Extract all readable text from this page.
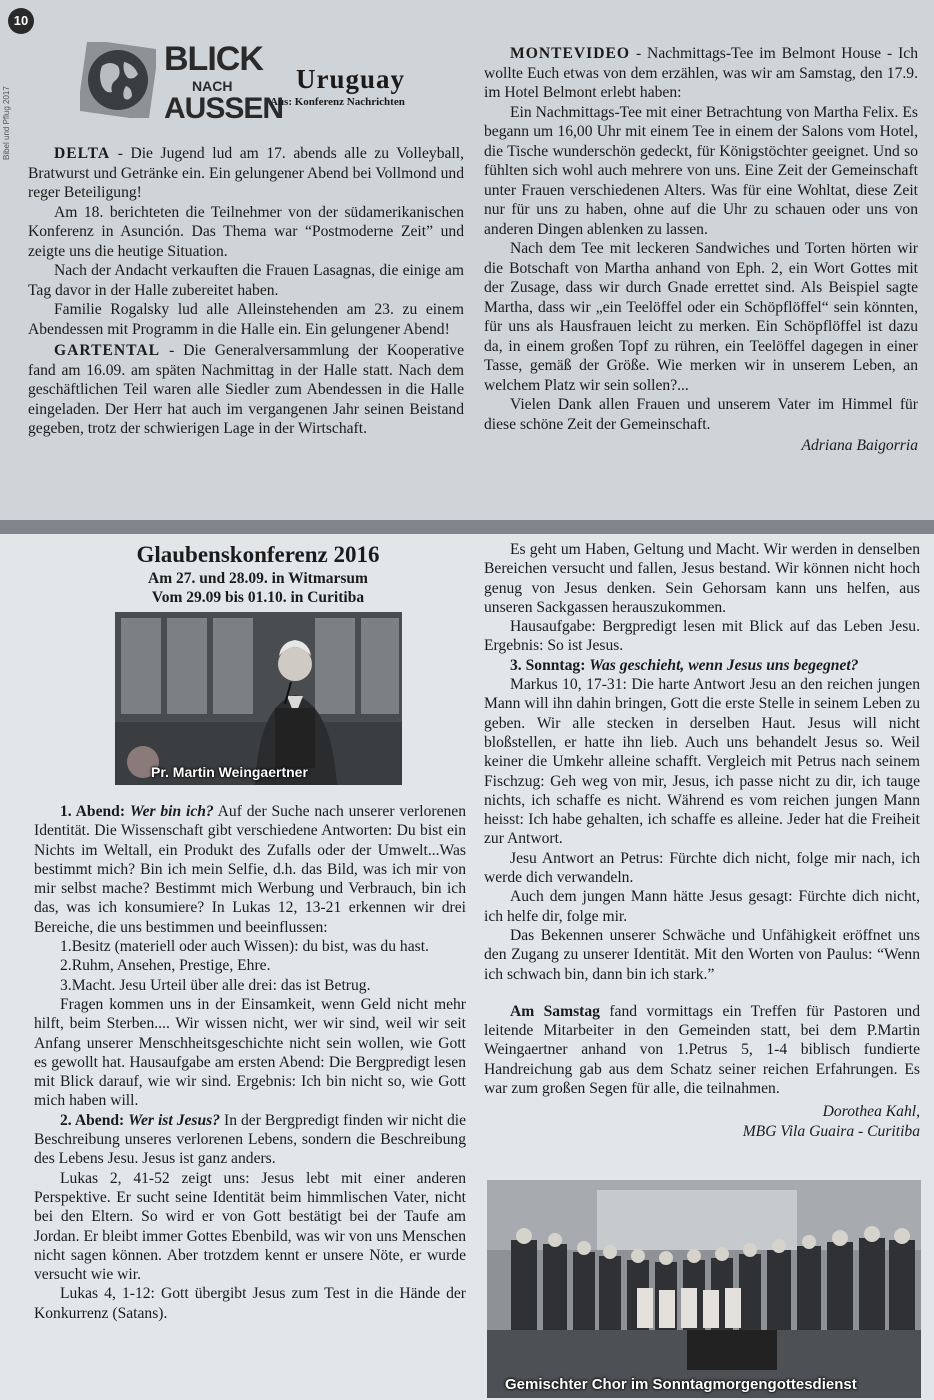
Bibel und Pflug 2017
10
BLICK
NACH
AUSSEN
Uruguay
Aus: Konferenz Nachrichten

DELTA - Die Jugend lud am 17. abends alle zu Volleyball, Bratwurst und Getränke ein. Ein gelungener Abend bei Vollmond und reger Beteiligung!

Am 18. berichteten die Teilnehmer von der südamerikanischen Konferenz in Asunción. Das Thema war “Postmoderne Zeit” und zeigte uns die heutige Situation.

Nach der Andacht verkauften die Frauen Lasagnas, die einige am Tag davor in der Halle zubereitet haben.

Familie Rogalsky lud alle Alleinstehenden am 23. zu einem Abendessen mit Programm in die Halle ein. Ein gelungener Abend!

GARTENTAL - Die Generalversammlung der Kooperative fand am 16.09. am späten Nachmittag in der Halle statt. Nach dem geschäftlichen Teil waren alle Siedler zum Abendessen in die Halle eingeladen. Der Herr hat auch im vergangenen Jahr seinen Beistand gegeben, trotz der schwierigen Lage in der Wirtschaft.

MONTEVIDEO - Nachmittags-Tee im Belmont House - Ich wollte Euch etwas von dem erzählen, was wir am Samstag, den 17.9. im Hotel Belmont erlebt haben:

Ein Nachmittags-Tee mit einer Betrachtung von Martha Felix. Es begann um 16,00 Uhr mit einem Tee in einem der Salons vom Hotel, die Tische wunderschön gedeckt, für Königstöchter geeignet. Und so fühlten sich wohl auch mehrere von uns. Eine Zeit der Gemeinschaft unter Frauen verschiedenen Alters. Was für eine Wohltat, diese Zeit nur für uns zu haben, ohne auf die Uhr zu schauen oder uns von anderen Dingen ablenken zu lassen.

Nach dem Tee mit leckeren Sandwiches und Torten hörten wir die Botschaft von Martha anhand von Eph. 2, ein Wort Gottes mit der Zusage, dass wir durch Gnade errettet sind. Als Beispiel sagte Martha, dass wir „ein Teelöffel oder ein Schöpflöffel“ sein könnten, für uns als Hausfrauen leicht zu merken. Ein Schöpflöffel ist dazu da, in einem großen Topf zu rühren, ein Teelöffel dagegen in einer Tasse, gemäß der Größe. Wie merken wir in unserem Leben, an welchem Platz wir sein sollen?...

Vielen Dank allen Frauen und unserem Vater im Himmel für diese schöne Zeit der Gemeinschaft.

Adriana Baigorria

Glaubenskonferenz 2016
Am 27. und 28.09. in Witmarsum
Vom 29.09 bis 01.10. in Curitiba
Pr. Martin Weingaertner

1. Abend: Wer bin ich? Auf der Suche nach unserer verlorenen Identität. Die Wissenschaft gibt verschiedene Antworten: Du bist ein Nichts im Weltall, ein Produkt des Zufalls oder der Umwelt...Was bestimmt mich? Bin ich mein Selfie, d.h. das Bild, was ich mir von mir selbst mache? Bestimmt mich Werbung und Verbrauch, bin ich das, was ich konsumiere? In Lukas 12, 13-21 erkennen wir drei Bereiche, die uns bestimmen und beeinflussen:

1.Besitz (materiell oder auch Wissen): du bist, was du hast.

2.Ruhm, Ansehen, Prestige, Ehre.

3.Macht. Jesu Urteil über alle drei: das ist Betrug.

Fragen kommen uns in der Einsamkeit, wenn Geld nicht mehr hilft, beim Sterben.... Wir wissen nicht, wer wir sind, weil wir seit Anfang unserer Menschheitsgeschichte nicht sein wollen, wie Gott es gewollt hat. Hausaufgabe am ersten Abend: Die Bergpredigt lesen mit Blick darauf, wie wir sind. Ergebnis: Ich bin nicht so, wie Gott mich haben will.

2. Abend: Wer ist Jesus? In der Bergpredigt finden wir nicht die Beschreibung unseres verlorenen Lebens, sondern die Beschreibung des Lebens Jesu. Jesus ist ganz anders.

Lukas 2, 41-52 zeigt uns: Jesus lebt mit einer anderen Perspektive. Er sucht seine Identität beim himmlischen Vater, nicht bei den Eltern. So wird er von Gott bestätigt bei der Taufe am Jordan. Er bleibt immer Gottes Ebenbild, was wir von uns Menschen nicht sagen können. Aber trotzdem kennt er unsere Nöte, er wurde versucht wie wir.

Lukas 4, 1-12: Gott übergibt Jesus zum Test in die Hände der Konkurrenz (Satans).

Es geht um Haben, Geltung und Macht. Wir werden in denselben Bereichen versucht und fallen, Jesus bestand. Wir können nicht hoch genug von Jesus denken. Sein Gehorsam kann uns helfen, aus unseren Sackgassen herauszukommen.

Hausaufgabe: Bergpredigt lesen mit Blick auf das Leben Jesu. Ergebnis: So ist Jesus.

3. Sonntag: Was geschieht, wenn Jesus uns begegnet?

Markus 10, 17-31: Die harte Antwort Jesu an den reichen jungen Mann will ihn dahin bringen, Gott die erste Stelle in seinem Leben zu geben. Wir alle stecken in derselben Haut. Jesus will nicht bloßstellen, er hatte ihn lieb. Auch uns behandelt Jesus so. Weil keiner die Umkehr alleine schafft. Vergleich mit Petrus nach seinem Fischzug: Geh weg von mir, Jesus, ich passe nicht zu dir, ich tauge nichts, ich schaffe es nicht. Während es vom reichen jungen Mann heisst: Ich habe gehalten, ich schaffe es alleine. Jeder hat die Freiheit zur Antwort.

Jesu Antwort an Petrus: Fürchte dich nicht, folge mir nach, ich werde dich verwandeln.

Auch dem jungen Mann hätte Jesus gesagt: Fürchte dich nicht, ich helfe dir, folge mir.

Das Bekennen unserer Schwäche und Unfähigkeit eröffnet uns den Zugang zu unserer Identität. Mit den Worten von Paulus: “Wenn ich schwach bin, dann bin ich stark.”

Am Samstag fand vormittags ein Treffen für Pastoren und leitende Mitarbeiter in den Gemeinden statt, bei dem P.Martin Weingaertner anhand von 1.Petrus 5, 1-4 biblisch fundierte Handreichung gab aus dem Schatz seiner reichen Erfahrungen. Es war zum großen Segen für alle, die teilnahmen.

Dorothea Kahl,

MBG Vila Guaira - Curitiba

Gemischter Chor im Sonntagmorgengottesdienst
